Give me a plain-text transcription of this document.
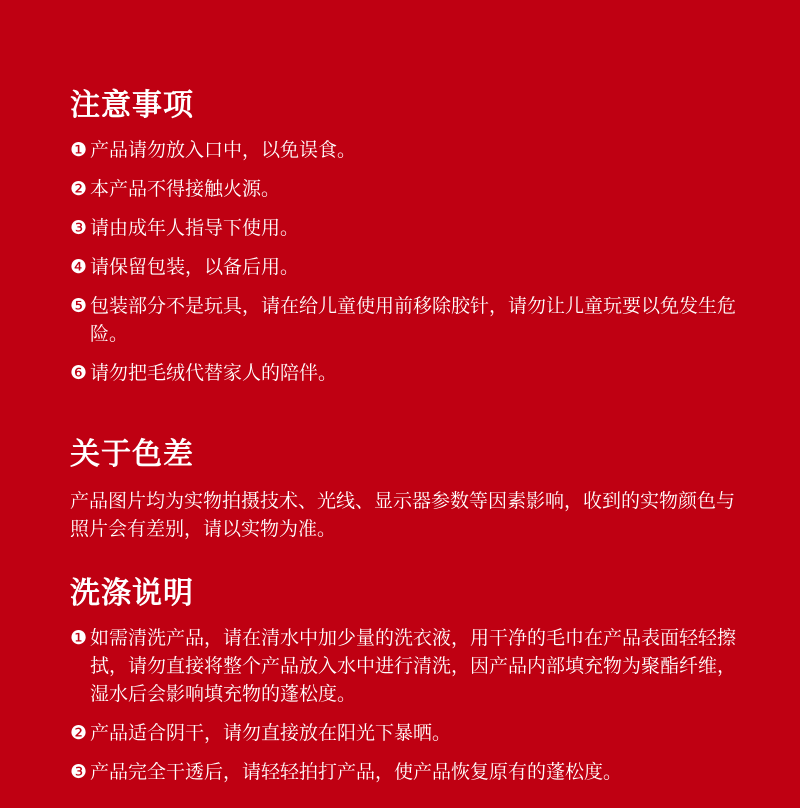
注意事项
❶ 产品请勿放入口中，以免误食。
❷ 本产品不得接触火源。
❸ 请由成年人指导下使用。
❹ 请保留包装，以备后用。
❺ 包装部分不是玩具，请在给儿童使用前移除胶针，请勿让儿童玩要以免发生危险。
❻ 请勿把毛绒代替家人的陪伴。
关于色差

产品图片均为实物拍摄技术、光线、显示器参数等因素影响，收到的实物颜色与照片会有差别，请以实物为准。

洗涤说明
❶ 如需清洗产品，请在清水中加少量的洗衣液，用干净的毛巾在产品表面轻轻擦拭，请勿直接将整个产品放入水中进行清洗，因产品内部填充物为聚酯纤维，湿水后会影响填充物的蓬松度。
❷ 产品适合阴干，请勿直接放在阳光下暴晒。
❸ 产品完全干透后，请轻轻拍打产品，使产品恢复原有的蓬松度。
